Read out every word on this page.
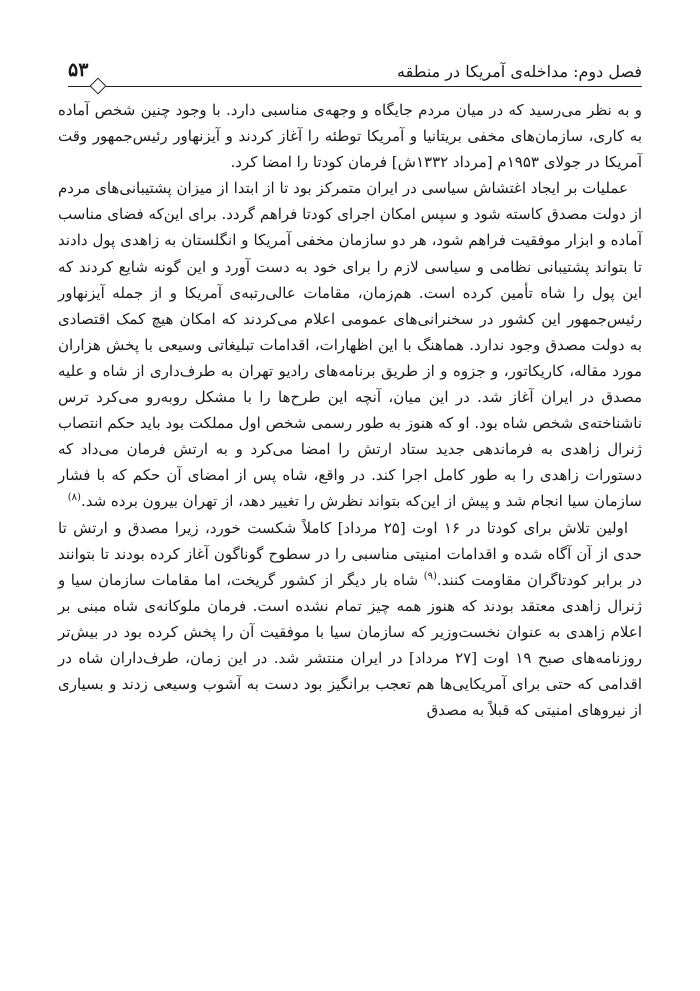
فصل دوم: مداخله‌ی آمریکا در منطقه
۵۳

و به نظر می‌رسید که در میان مردم جایگاه و وجهه‌ی مناسبی دارد. با وجود چنین شخص آماده به کاری، سازمان‌های مخفی بریتانیا و آمریکا توطئه را آغاز کردند و آیزنهاور رئیس‌جمهور وقت آمریکا در جولای ۱۹۵۳م [مرداد ۱۳۳۲ش] فرمان کودتا را امضا کرد.

عملیات بر ایجاد اغتشاش سیاسی در ایران متمرکز بود تا از ابتدا از میزان پشتیبانی‌های مردم از دولت مصدق کاسته شود و سپس امکان اجرای کودتا فراهم گردد. برای این‌که فضای مناسب آماده و ابزار موفقیت فراهم شود، هر دو سازمان مخفی آمریکا و انگلستان به زاهدی پول دادند تا بتواند پشتیبانی نظامی و سیاسی لازم را برای خود به دست آورد و این گونه شایع کردند که این پول را شاه تأمین کرده است. هم‌زمان، مقامات عالی‌رتبه‌ی آمریکا و از جمله آیزنهاور رئیس‌جمهور این کشور در سخنرانی‌های عمومی اعلام می‌کردند که امکان هیچ کمک اقتصادی به دولت مصدق وجود ندارد. هماهنگ با این اظهارات، اقدامات تبلیغاتی وسیعی با پخش هزاران مورد مقاله، کاریکاتور، و جزوه و از طریق برنامه‌های رادیو تهران به طرف‌داری از شاه و علیه مصدق در ایران آغاز شد. در این میان، آنچه این طرح‌ها را با مشکل روبه‌رو می‌کرد ترس ناشناخته‌ی شخص شاه بود. او که هنوز به طور رسمی شخص اول مملکت بود باید حکم انتصاب ژنرال زاهدی به فرماندهی جدید ستاد ارتش را امضا می‌کرد و به ارتش فرمان می‌داد که دستورات زاهدی را به طور کامل اجرا کند. در واقع، شاه پس از امضای آن حکم که با فشار سازمان سیا انجام شد و پیش از این‌که بتواند نظرش را تغییر دهد، از تهران بیرون برده شد.$^{(۸)}$

اولین تلاش برای کودتا در ۱۶ اوت [۲۵ مرداد] کاملاً شکست خورد، زیرا مصدق و ارتش تا حدی از آن آگاه شده و اقدامات امنیتی مناسبی را در سطوح گوناگون آغاز کرده بودند تا بتوانند در برابر کودتاگران مقاومت کنند.$^{(۹)}$ شاه بار دیگر از کشور گریخت، اما مقامات سازمان سیا و ژنرال زاهدی معتقد بودند که هنوز همه چیز تمام نشده است. فرمان ملوکانه‌ی شاه مبنی بر اعلام زاهدی به عنوان نخست‌وزیر که سازمان سیا با موفقیت آن را پخش کرده بود در بیش‌تر روزنامه‌های صبح ۱۹ اوت [۲۷ مرداد] در ایران منتشر شد. در این زمان، طرف‌داران شاه در اقدامی که حتی برای آمریکایی‌ها هم تعجب برانگیز بود دست به آشوب وسیعی زدند و بسیاری از نیروهای امنیتی که قبلاً به مصدق
